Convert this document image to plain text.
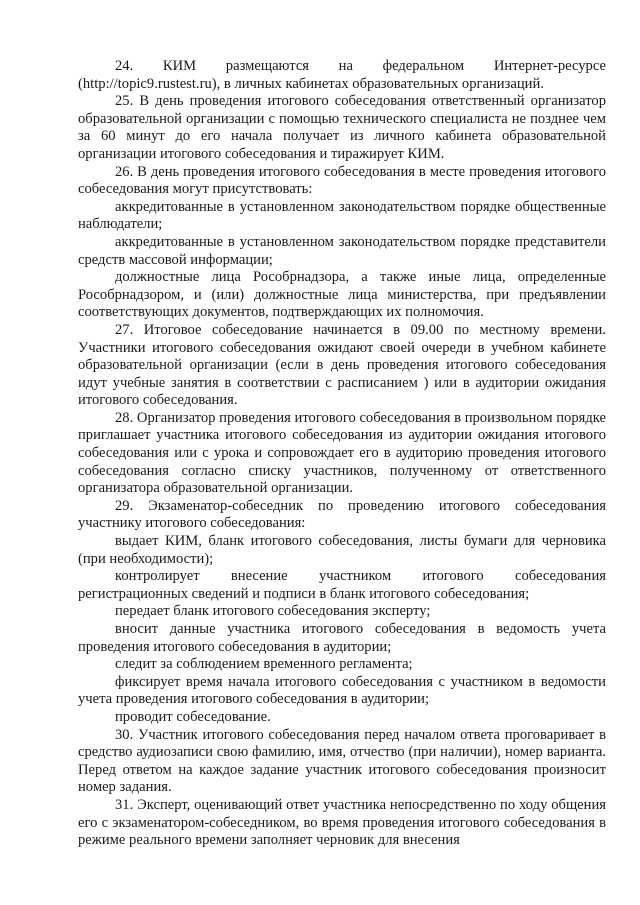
24. КИМ размещаются на федеральном Интернет-ресурсе (http://topic9.rustest.ru), в личных кабинетах образовательных организаций.

25. В день проведения итогового собеседования ответственный организатор образовательной организации с помощью технического специалиста не позднее чем за 60 минут до его начала получает из личного кабинета образовательной организации итогового собеседования и тиражирует КИМ.

26. В день проведения итогового собеседования в месте проведения итогового собеседования могут присутствовать:

аккредитованные в установленном законодательством порядке общественные наблюдатели;

аккредитованные в установленном законодательством порядке представители средств массовой информации;

должностные лица Рособрнадзора, а также иные лица, определенные Рособрнадзором, и (или) должностные лица министерства, при предъявлении соответствующих документов, подтверждающих их полномочия.

27. Итоговое собеседование начинается в 09.00 по местному времени. Участники итогового собеседования ожидают своей очереди в учебном кабинете образовательной организации (если в день проведения итогового собеседования идут учебные занятия в соответствии с расписанием ) или в аудитории ожидания итогового собеседования.

28. Организатор проведения итогового собеседования в произвольном порядке приглашает участника итогового собеседования из аудитории ожидания итогового собеседования или с урока и сопровождает его в аудиторию проведения итогового собеседования согласно списку участников, полученному от ответственного организатора образовательной организации.

29. Экзаменатор-собеседник по проведению итогового собеседования участнику итогового собеседования:

выдает КИМ, бланк итогового собеседования, листы бумаги для черновика (при необходимости);

контролирует внесение участником итогового собеседования регистрационных сведений и подписи в бланк итогового собеседования;

передает бланк итогового собеседования эксперту;

вносит данные участника итогового собеседования в ведомость учета проведения итогового собеседования в аудитории;

следит за соблюдением временного регламента;

фиксирует время начала итогового собеседования с участником в ведомости учета проведения итогового собеседования в аудитории;

проводит собеседование.

30. Участник итогового собеседования перед началом ответа проговаривает в средство аудиозаписи свою фамилию, имя, отчество (при наличии), номер варианта. Перед ответом на каждое задание участник итогового собеседования произносит номер задания.

31. Эксперт, оценивающий ответ участника непосредственно по ходу общения его с экзаменатором-собеседником, во время проведения итогового собеседования в режиме реального времени заполняет черновик для внесения
